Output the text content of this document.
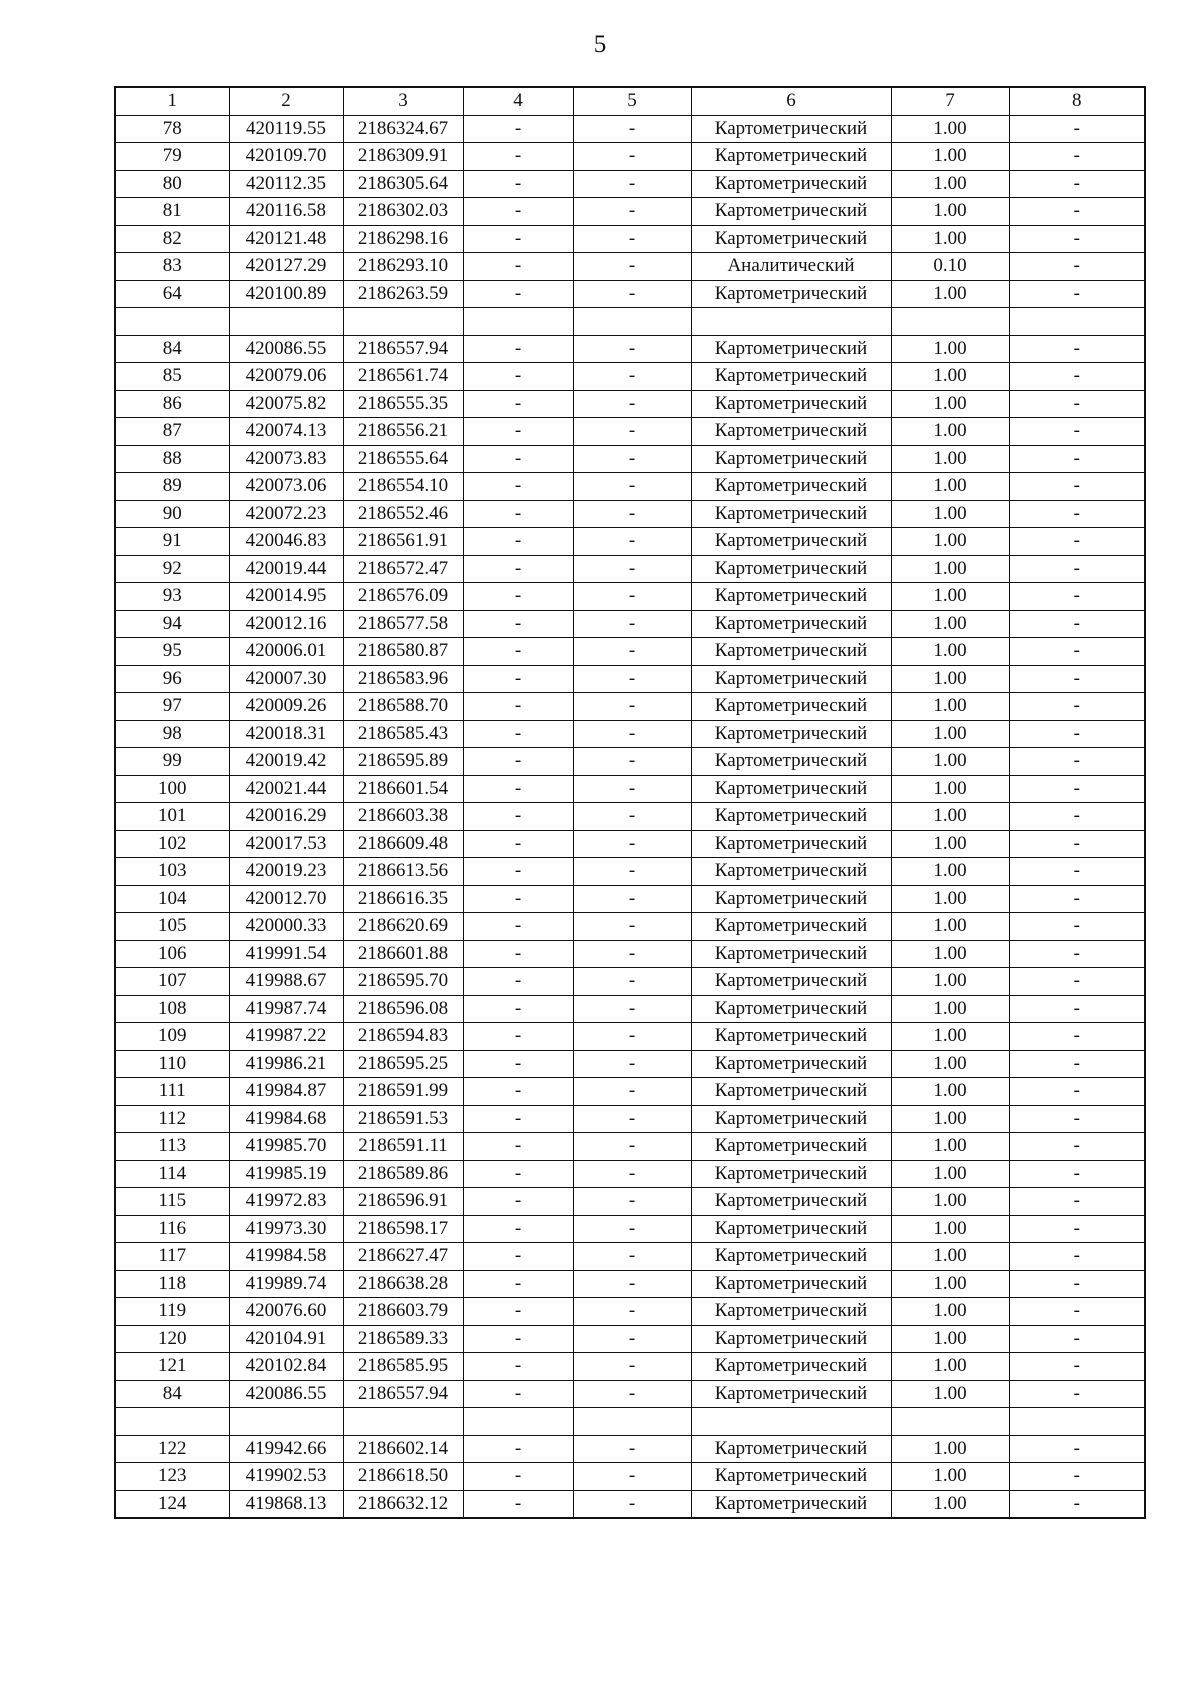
5
1	2	3	4	5	6	7	8
78	420119.55	2186324.67	-	-	Картометрический	1.00	-
79	420109.70	2186309.91	-	-	Картометрический	1.00	-
80	420112.35	2186305.64	-	-	Картометрический	1.00	-
81	420116.58	2186302.03	-	-	Картометрический	1.00	-
82	420121.48	2186298.16	-	-	Картометрический	1.00	-
83	420127.29	2186293.10	-	-	Аналитический	0.10	-
64	420100.89	2186263.59	-	-	Картометрический	1.00	-

84	420086.55	2186557.94	-	-	Картометрический	1.00	-
85	420079.06	2186561.74	-	-	Картометрический	1.00	-
86	420075.82	2186555.35	-	-	Картометрический	1.00	-
87	420074.13	2186556.21	-	-	Картометрический	1.00	-
88	420073.83	2186555.64	-	-	Картометрический	1.00	-
89	420073.06	2186554.10	-	-	Картометрический	1.00	-
90	420072.23	2186552.46	-	-	Картометрический	1.00	-
91	420046.83	2186561.91	-	-	Картометрический	1.00	-
92	420019.44	2186572.47	-	-	Картометрический	1.00	-
93	420014.95	2186576.09	-	-	Картометрический	1.00	-
94	420012.16	2186577.58	-	-	Картометрический	1.00	-
95	420006.01	2186580.87	-	-	Картометрический	1.00	-
96	420007.30	2186583.96	-	-	Картометрический	1.00	-
97	420009.26	2186588.70	-	-	Картометрический	1.00	-
98	420018.31	2186585.43	-	-	Картометрический	1.00	-
99	420019.42	2186595.89	-	-	Картометрический	1.00	-
100	420021.44	2186601.54	-	-	Картометрический	1.00	-
101	420016.29	2186603.38	-	-	Картометрический	1.00	-
102	420017.53	2186609.48	-	-	Картометрический	1.00	-
103	420019.23	2186613.56	-	-	Картометрический	1.00	-
104	420012.70	2186616.35	-	-	Картометрический	1.00	-
105	420000.33	2186620.69	-	-	Картометрический	1.00	-
106	419991.54	2186601.88	-	-	Картометрический	1.00	-
107	419988.67	2186595.70	-	-	Картометрический	1.00	-
108	419987.74	2186596.08	-	-	Картометрический	1.00	-
109	419987.22	2186594.83	-	-	Картометрический	1.00	-
110	419986.21	2186595.25	-	-	Картометрический	1.00	-
111	419984.87	2186591.99	-	-	Картометрический	1.00	-
112	419984.68	2186591.53	-	-	Картометрический	1.00	-
113	419985.70	2186591.11	-	-	Картометрический	1.00	-
114	419985.19	2186589.86	-	-	Картометрический	1.00	-
115	419972.83	2186596.91	-	-	Картометрический	1.00	-
116	419973.30	2186598.17	-	-	Картометрический	1.00	-
117	419984.58	2186627.47	-	-	Картометрический	1.00	-
118	419989.74	2186638.28	-	-	Картометрический	1.00	-
119	420076.60	2186603.79	-	-	Картометрический	1.00	-
120	420104.91	2186589.33	-	-	Картометрический	1.00	-
121	420102.84	2186585.95	-	-	Картометрический	1.00	-
84	420086.55	2186557.94	-	-	Картометрический	1.00	-

122	419942.66	2186602.14	-	-	Картометрический	1.00	-
123	419902.53	2186618.50	-	-	Картометрический	1.00	-
124	419868.13	2186632.12	-	-	Картометрический	1.00	-
